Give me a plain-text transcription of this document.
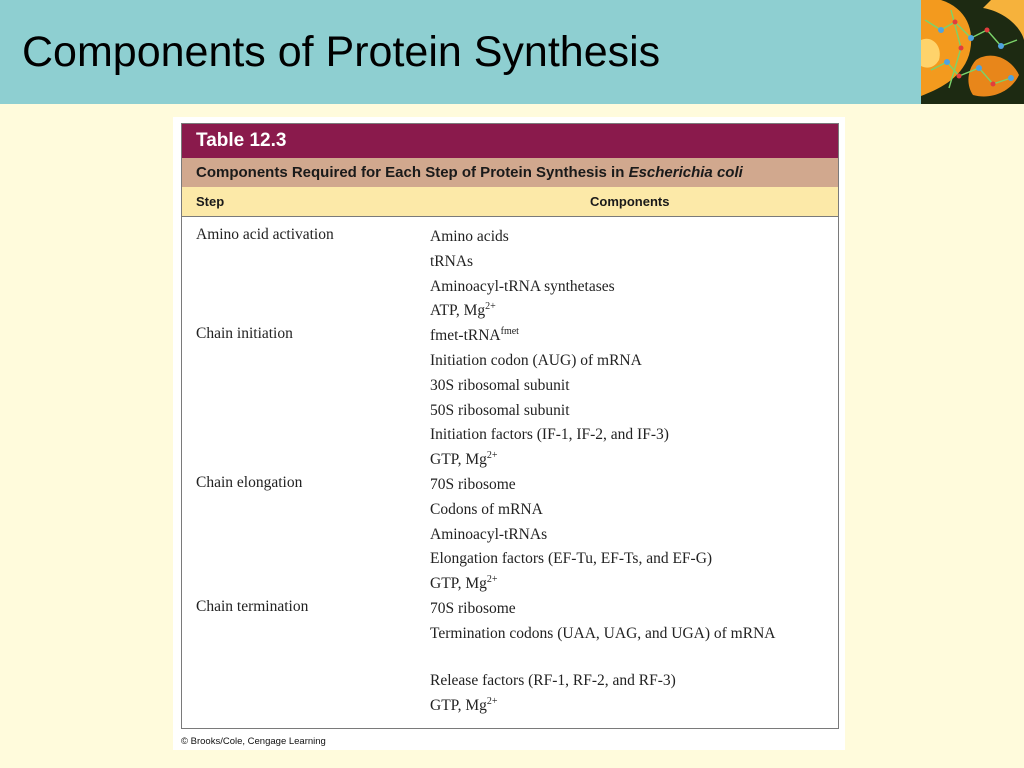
Components of Protein Synthesis
Table 12.3
Components Required for Each Step of Protein Synthesis in Escherichia coli
Step	Components
Amino acid activation	Amino acids
tRNAs
Aminoacyl-tRNA synthetases
ATP, $Mg^{2+}$
Chain initiation	fmet-tRNA$^{fmet}$
Initiation codon (AUG) of mRNA
30S ribosomal subunit
50S ribosomal subunit
Initiation factors (IF-1, IF-2, and IF-3)
GTP, $Mg^{2+}$
Chain elongation	70S ribosome
Codons of mRNA
Aminoacyl-tRNAs
Elongation factors (EF-Tu, EF-Ts, and EF-G)
GTP, $Mg^{2+}$
Chain termination	70S ribosome
Termination codons (UAA, UAG, and UGA) of mRNA
Release factors (RF-1, RF-2, and RF-3)
GTP, $Mg^{2+}$
© Brooks/Cole, Cengage Learning
